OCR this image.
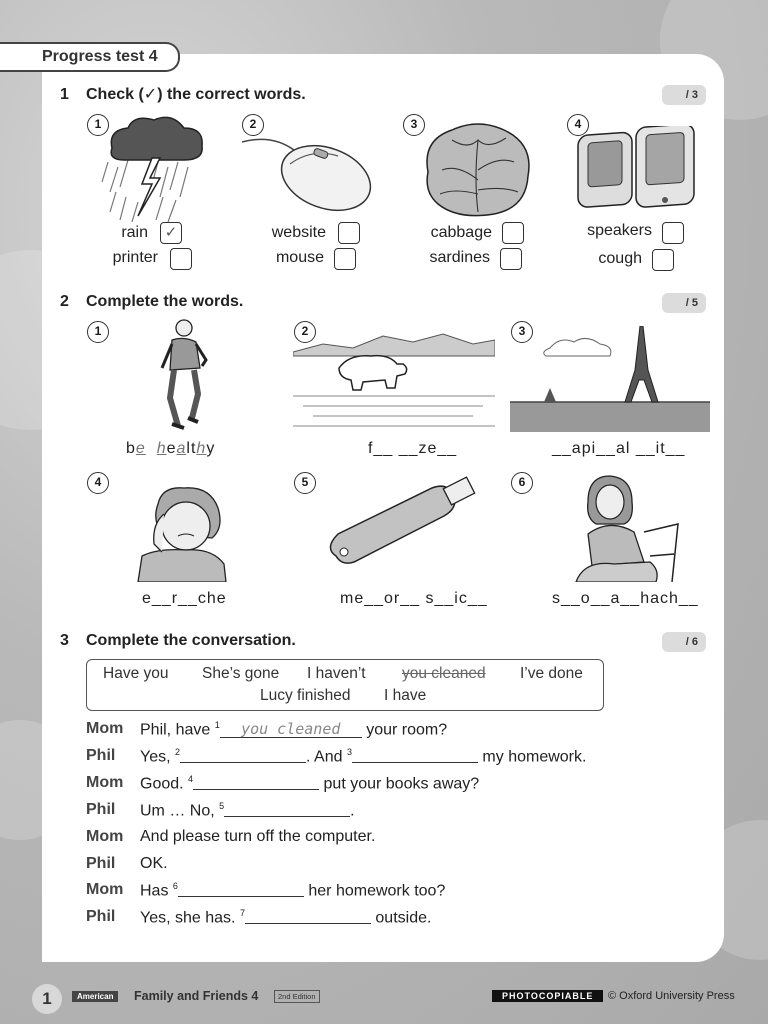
Progress test 4
1 Check (✓) the correct words.	/ 3
1
rain	✓
printer
2
website
mouse
3
cabbage
sardines
4
speakers
cough
2 Complete the words.	/ 5
1
be healthy
2
f__ __ze__
3
__api__al __it__
4
e__r__che
5
me__or__ s__ic__
6
s__o__a__hach__
3 Complete the conversation.	/ 6
Have you She’s gone I haven’t you cleaned I’ve done
Lucy finished I have
Mom Phil, have $^1$ you cleaned your room?
Phil Yes, $^2$	. And $^3$	my homework.
Mom Good. $^4$	put your books away?
Phil Um … No, $^5$	.
Mom And please turn off the computer.
Phil OK.
Mom Has $^6$	her homework too?
Phil Yes, she has. $^7$	outside.
1	American	Family and Friends 4	2nd Edition	PHOTOCOPIABLE	© Oxford University Press
